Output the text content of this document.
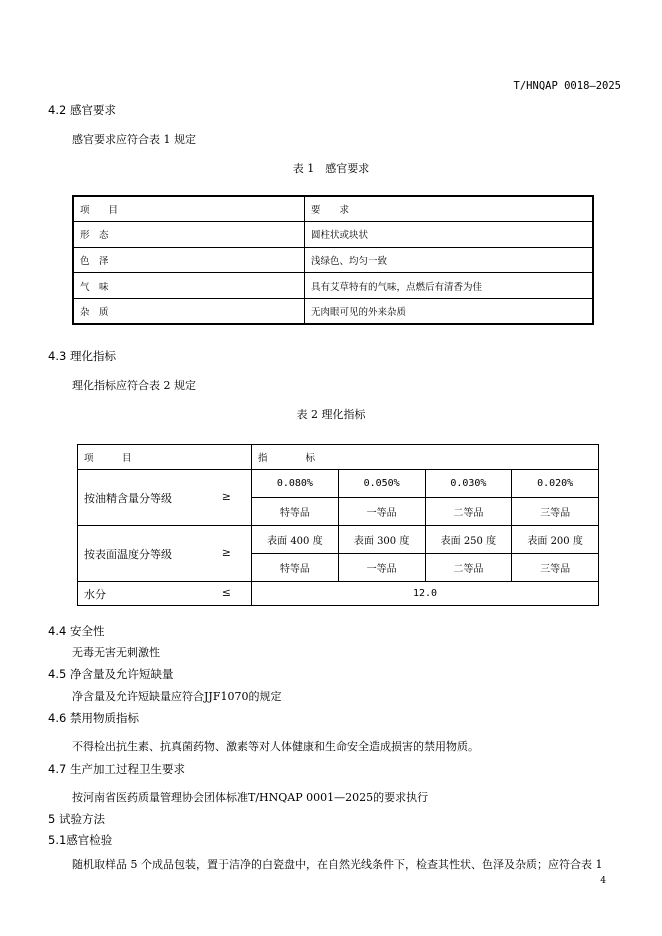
T/HNQAP 0018—2025
4.2 感官要求
感官要求应符合表 1 规定
表 1　感官要求
项　　目	要　　求
形　态	圆柱状或块状
色　泽	浅绿色、均匀一致
气　味	具有艾草特有的气味，点燃后有清香为佳
杂　质	无肉眼可见的外来杂质
4.3 理化指标
理化指标应符合表 2 规定
表 2 理化指标
项　　　目	指　　　　标			
按油精含量分等级 ≥	0.080%	0.050%	0.030%	0.020%
	特等品	一等品	二等品	三等品
按表面温度分等级 ≥	表面 400 度	表面 300 度	表面 250 度	表面 200 度
	特等品	一等品	二等品	三等品
水分 ≤	12.0			
4.4 安全性
无毒无害无刺激性
4.5 净含量及允许短缺量
净含量及允许短缺量应符合JJF1070的规定
4.6 禁用物质指标
不得检出抗生素、抗真菌药物、激素等对人体健康和生命安全造成损害的禁用物质。
4.7 生产加工过程卫生要求
按河南省医药质量管理协会团体标准T/HNQAP 0001—2025的要求执行
5 试验方法
5.1感官检验
随机取样品 5 个成品包装，置于洁净的白瓷盘中，在自然光线条件下，检查其性状、色泽及杂质；应符合表 1
4
